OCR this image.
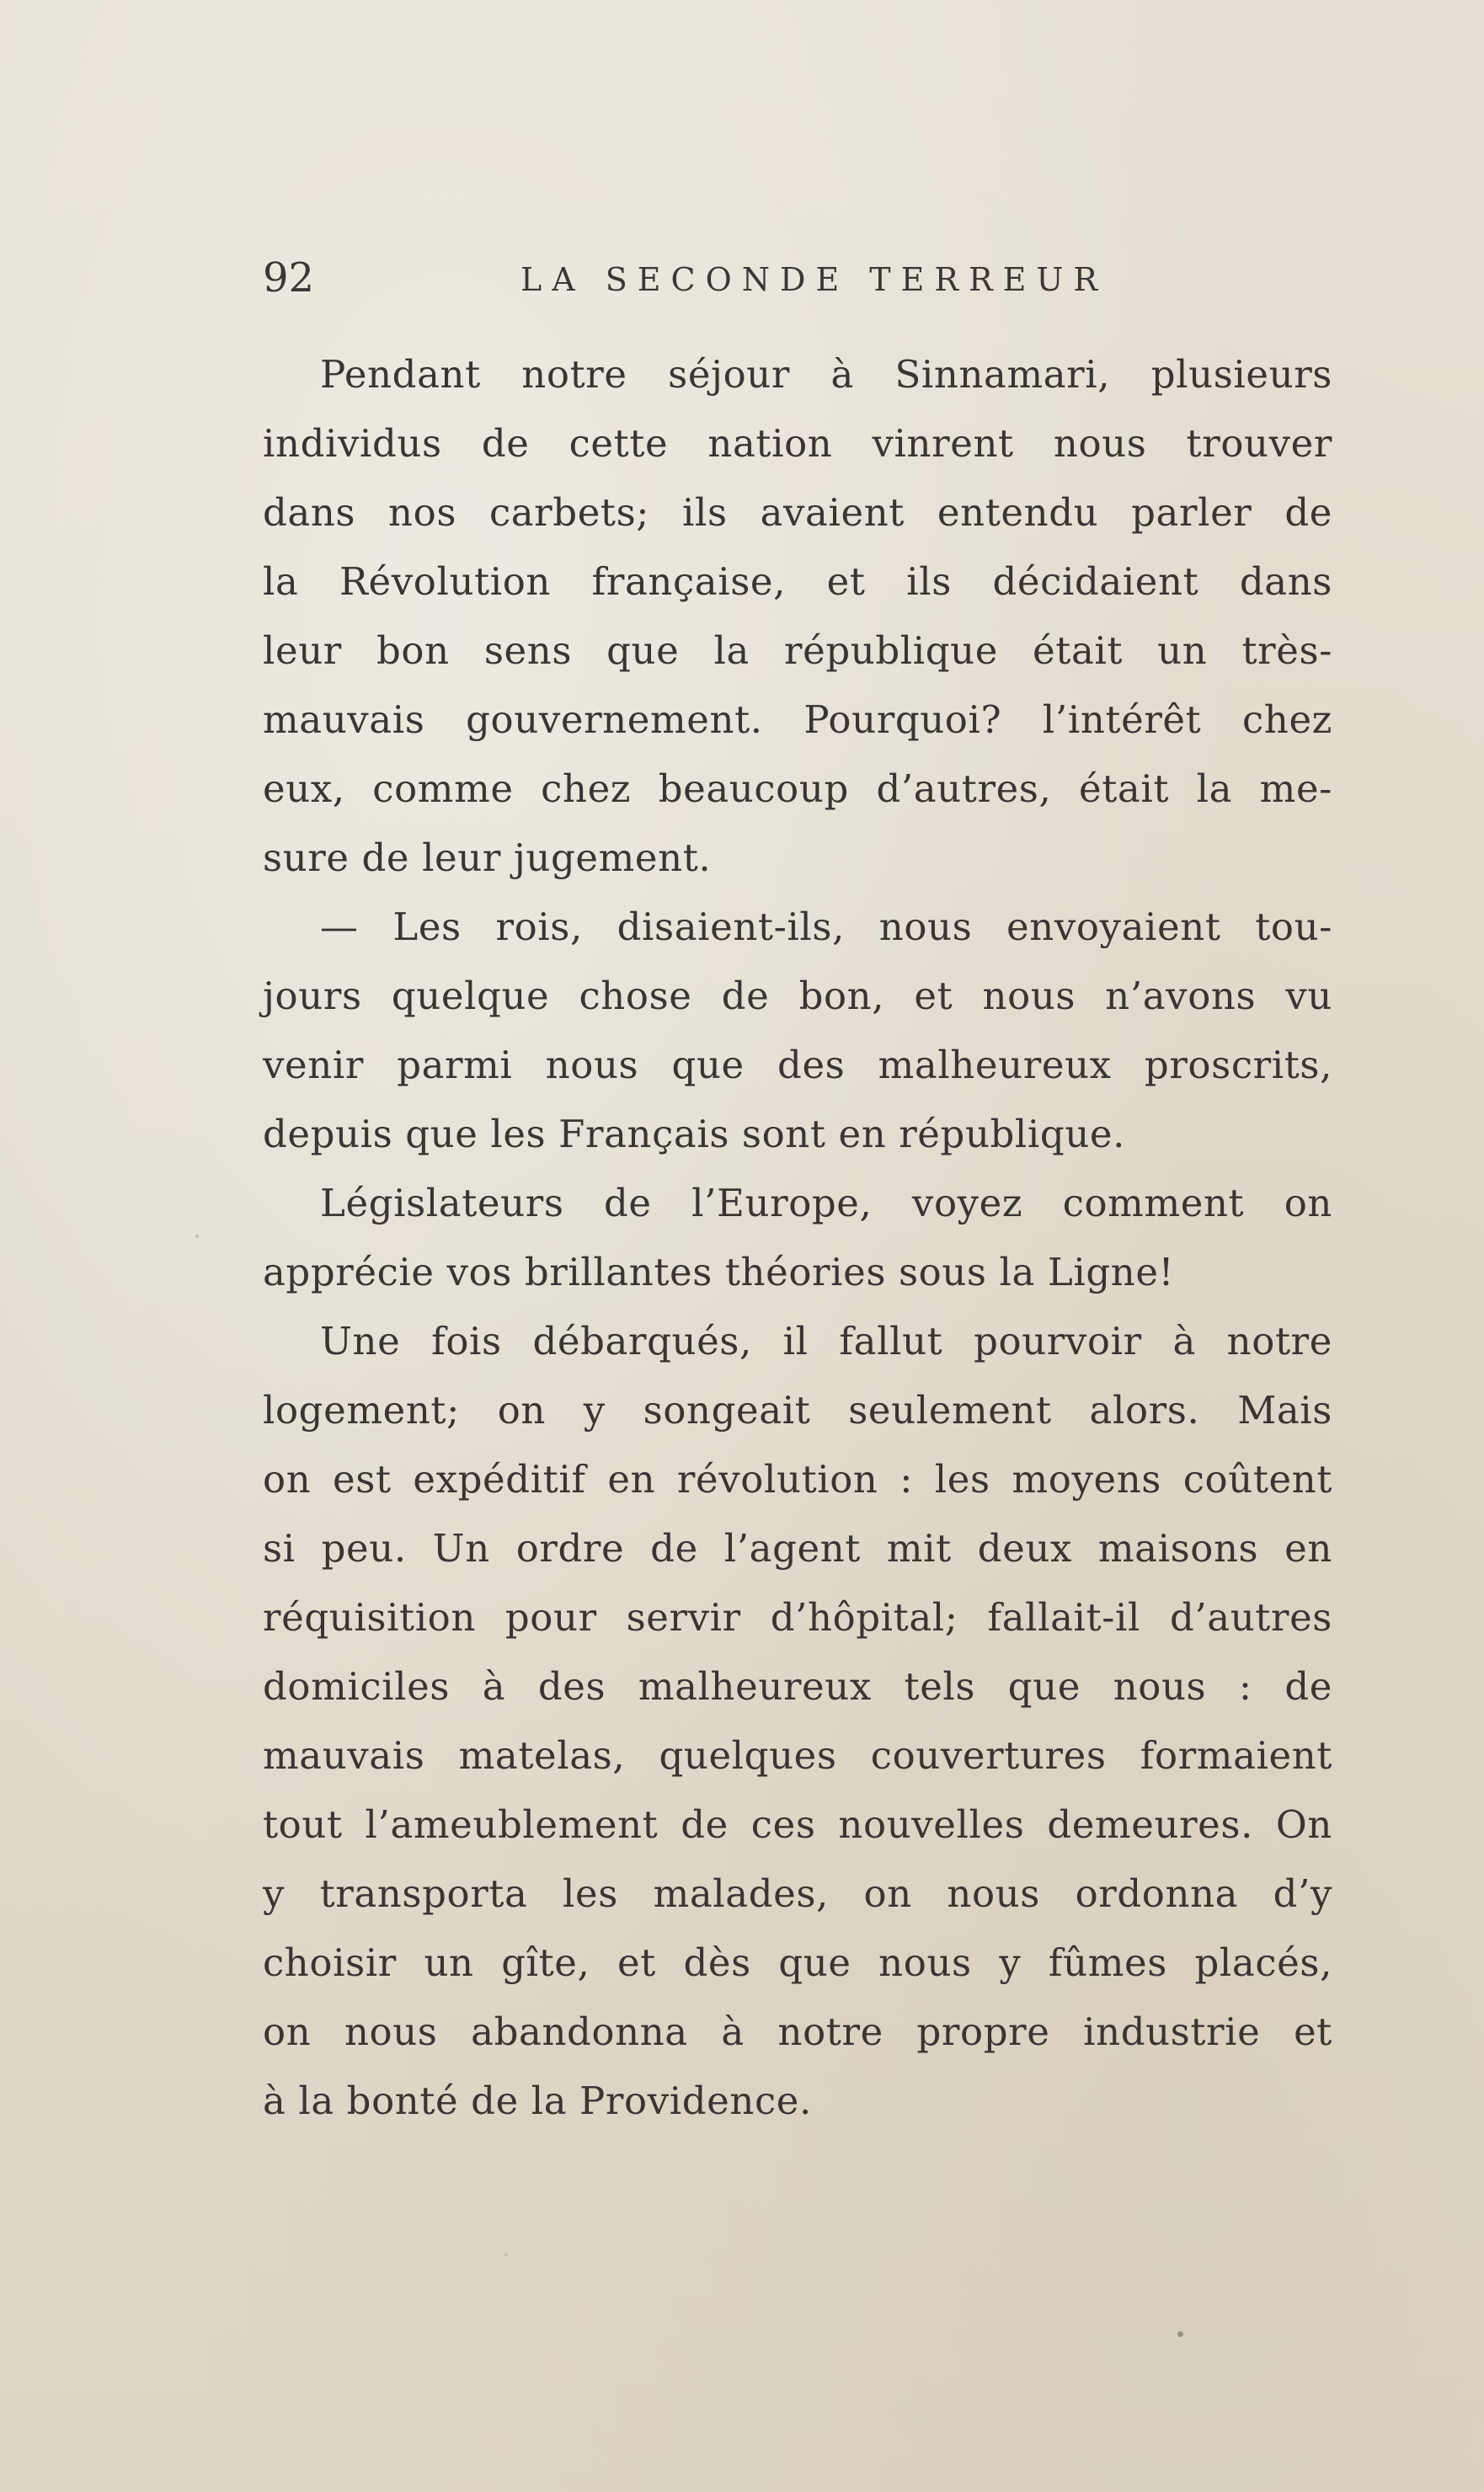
92	LA SECONDE TERREUR
Pendant notre séjour à Sinnamari, plusieurs
individus de cette nation vinrent nous trouver
dans nos carbets; ils avaient entendu parler de
la Révolution française, et ils décidaient dans
leur bon sens que la république était un très-
mauvais gouvernement. Pourquoi? l’intérêt chez
eux, comme chez beaucoup d’autres, était la me-
sure de leur jugement.
— Les rois, disaient-ils, nous envoyaient tou-
jours quelque chose de bon, et nous n’avons vu
venir parmi nous que des malheureux proscrits,
depuis que les Français sont en république.
Législateurs de l’Europe, voyez comment on
apprécie vos brillantes théories sous la Ligne!
Une fois débarqués, il fallut pourvoir à notre
logement; on y songeait seulement alors. Mais
on est expéditif en révolution : les moyens coûtent
si peu. Un ordre de l’agent mit deux maisons en
réquisition pour servir d’hôpital; fallait-il d’autres
domiciles à des malheureux tels que nous : de
mauvais matelas, quelques couvertures formaient
tout l’ameublement de ces nouvelles demeures. On
y transporta les malades, on nous ordonna d’y
choisir un gîte, et dès que nous y fûmes placés,
on nous abandonna à notre propre industrie et
à la bonté de la Providence.
